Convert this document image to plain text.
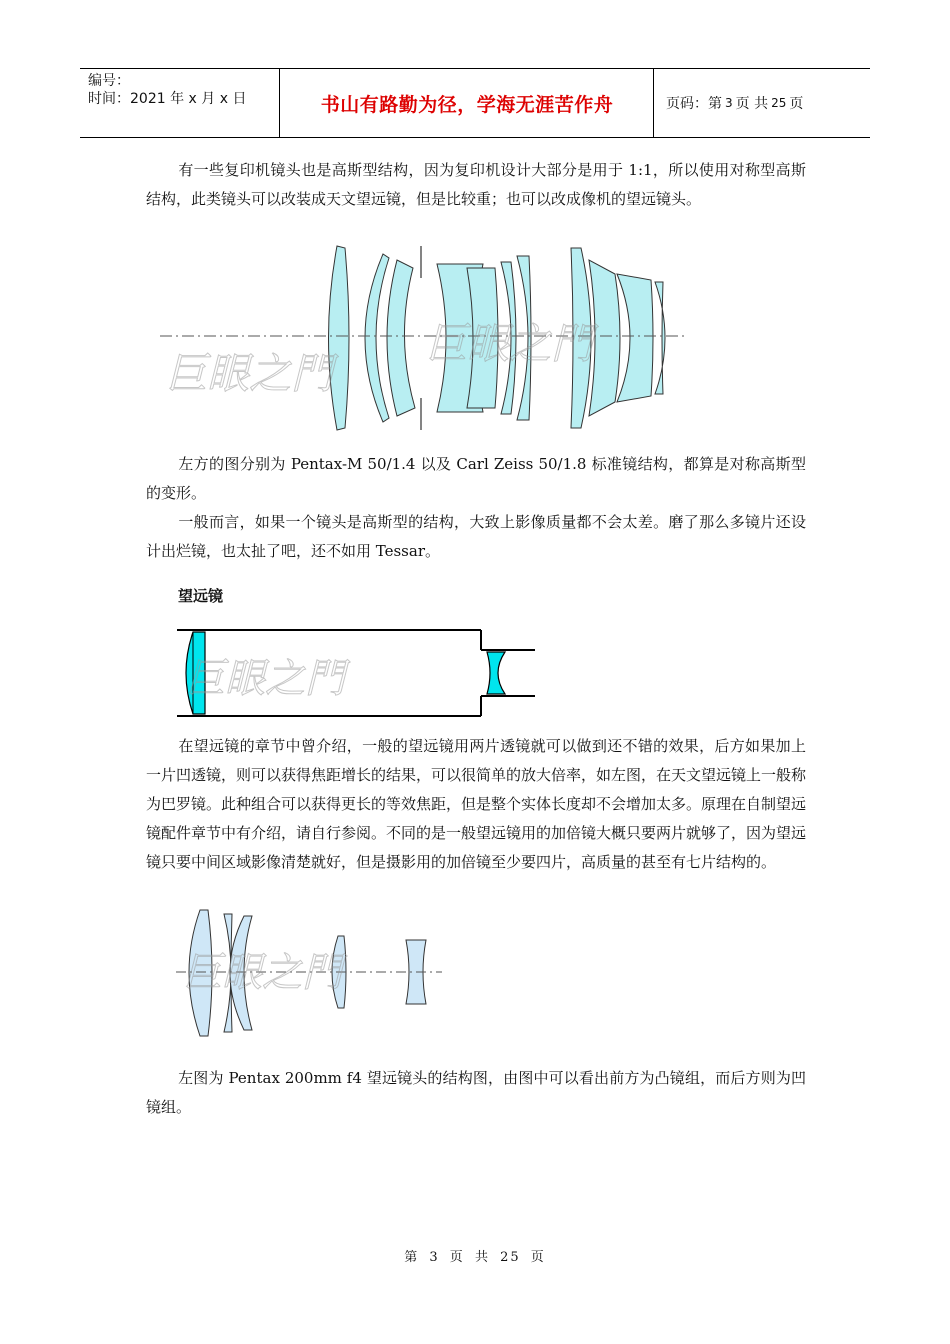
编号：
时间：2021 年 x 月 x 日	书山有路勤为径，学海无涯苦作舟	页码：第 3 页 共 25 页
有一些复印机镜头也是高斯型结构，因为复印机设计大部分是用于 1:1，所以使用对称型高斯结构，此类镜头可以改装成天文望远镜，但是比较重；也可以改成像机的望远镜头。
巨眼之門
巨眼之門
左方的图分别为 Pentax-M 50/1.4 以及 Carl Zeiss 50/1.8 标准镜结构，都算是对称高斯型的变形。
一般而言，如果一个镜头是高斯型的结构，大致上影像质量都不会太差。磨了那么多镜片还设计出烂镜，也太扯了吧，还不如用 Tessar。
望远镜
巨眼之門
在望远镜的章节中曾介绍，一般的望远镜用两片透镜就可以做到还不错的效果，后方如果加上一片凹透镜，则可以获得焦距增长的结果，可以很简单的放大倍率，如左图，在天文望远镜上一般称为巴罗镜。此种组合可以获得更长的等效焦距，但是整个实体长度却不会增加太多。原理在自制望远镜配件章节中有介绍，请自行参阅。不同的是一般望远镜用的加倍镜大概只要两片就够了，因为望远镜只要中间区域影像清楚就好，但是摄影用的加倍镜至少要四片，高质量的甚至有七片结构的。
巨眼之門
左图为 Pentax 200mm f4 望远镜头的结构图，由图中可以看出前方为凸镜组，而后方则为凹镜组。
第 3 页 共 25 页
